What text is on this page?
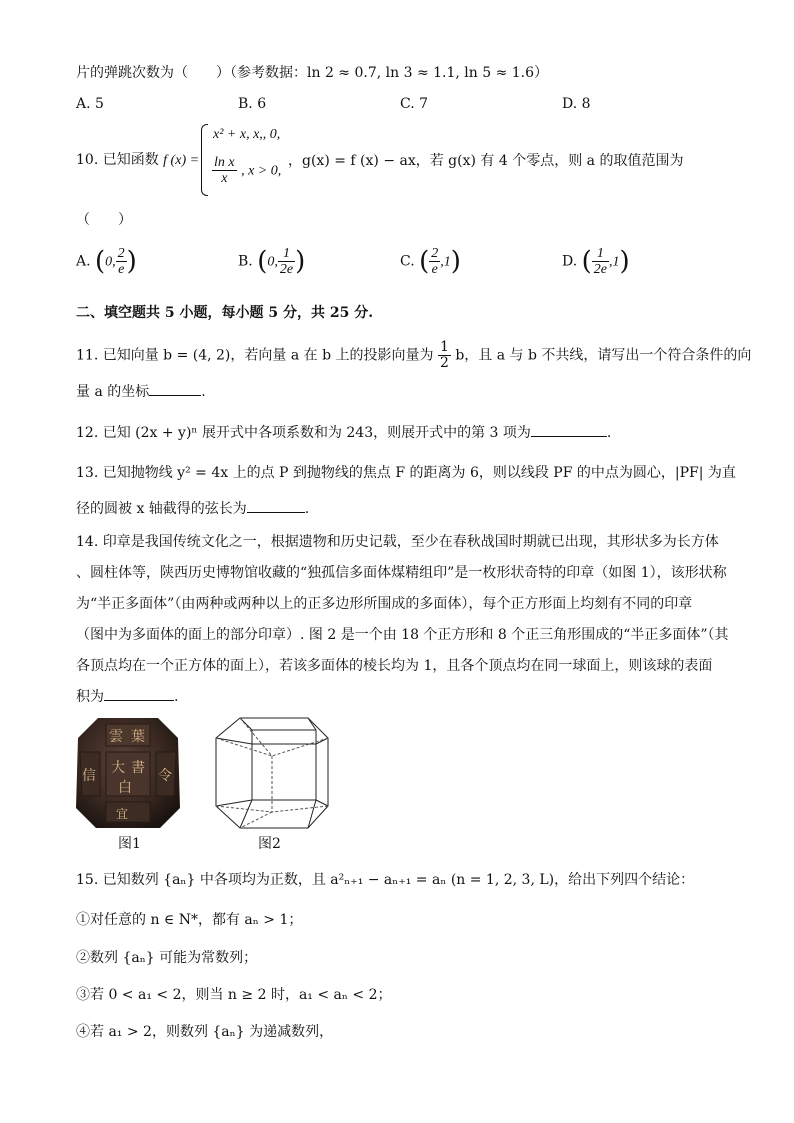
片的弹跳次数为（　　）（参考数据：ln 2 ≈ 0.7, ln 3 ≈ 1.1, ln 5 ≈ 1.6）
A. 5	B. 6	C. 7	D. 8
10. 已知函数 f (x) =
x² + x, x,, 0,
$\frac{\text{ln x}}{x}$ , x > 0,
，g(x) = f (x) − ax，若 g(x) 有 4 个零点，则 a 的取值范围为
（　　）
A. (0, $\frac{2}{e}$ )	B. (0, $\frac{1}{2e}$ )	C. ( $\frac{2}{e} ,1$)	D. ( $\frac{1}{2e} ,1$)
二、填空题共 5 小题，每小题 5 分，共 25 分.
11. 已知向量 b = (4, 2)，若向量 a 在 b 上的投影向量为 $\frac{1}{2}$ b，且 a 与 b 不共线，请写出一个符合条件的向
量 a 的坐标	.
12. 已知 (2x + y)ⁿ 展开式中各项系数和为 243，则展开式中的第 3 项为	.
13. 已知抛物线 y² = 4x 上的点 P 到抛物线的焦点 F 的距离为 6，则以线段 PF 的中点为圆心，|PF| 为直
径的圆被 x 轴截得的弦长为	.
14. 印章是我国传统文化之一，根据遗物和历史记载，至少在春秋战国时期就已出现，其形状多为长方体
、圆柱体等，陕西历史博物馆收藏的“独孤信多面体煤精组印”是一枚形状奇特的印章（如图 1），该形状称
为“半正多面体”（由两种或两种以上的正多边形所围成的多面体），每个正方形面上均刻有不同的印章
（图中为多面体的面上的部分印章）. 图 2 是一个由 18 个正方形和 8 个正三角形围成的“半正多面体”（其
各顶点均在一个正方体的面上），若该多面体的棱长均为 1，且各个顶点均在同一球面上，则该球的表面
积为	.
雲 葉
信 大 書
白
令
宜
图1	图2
15. 已知数列 {aₙ} 中各项均为正数，且 a²ₙ₊₁ − aₙ₊₁ = aₙ (n = 1, 2, 3, L)，给出下列四个结论：
①对任意的 n ∈ N*，都有 aₙ > 1；
②数列 {aₙ} 可能为常数列；
③若 0 < a₁ < 2，则当 n ≥ 2 时，a₁ < aₙ < 2；
④若 a₁ > 2，则数列 {aₙ} 为递减数列，
